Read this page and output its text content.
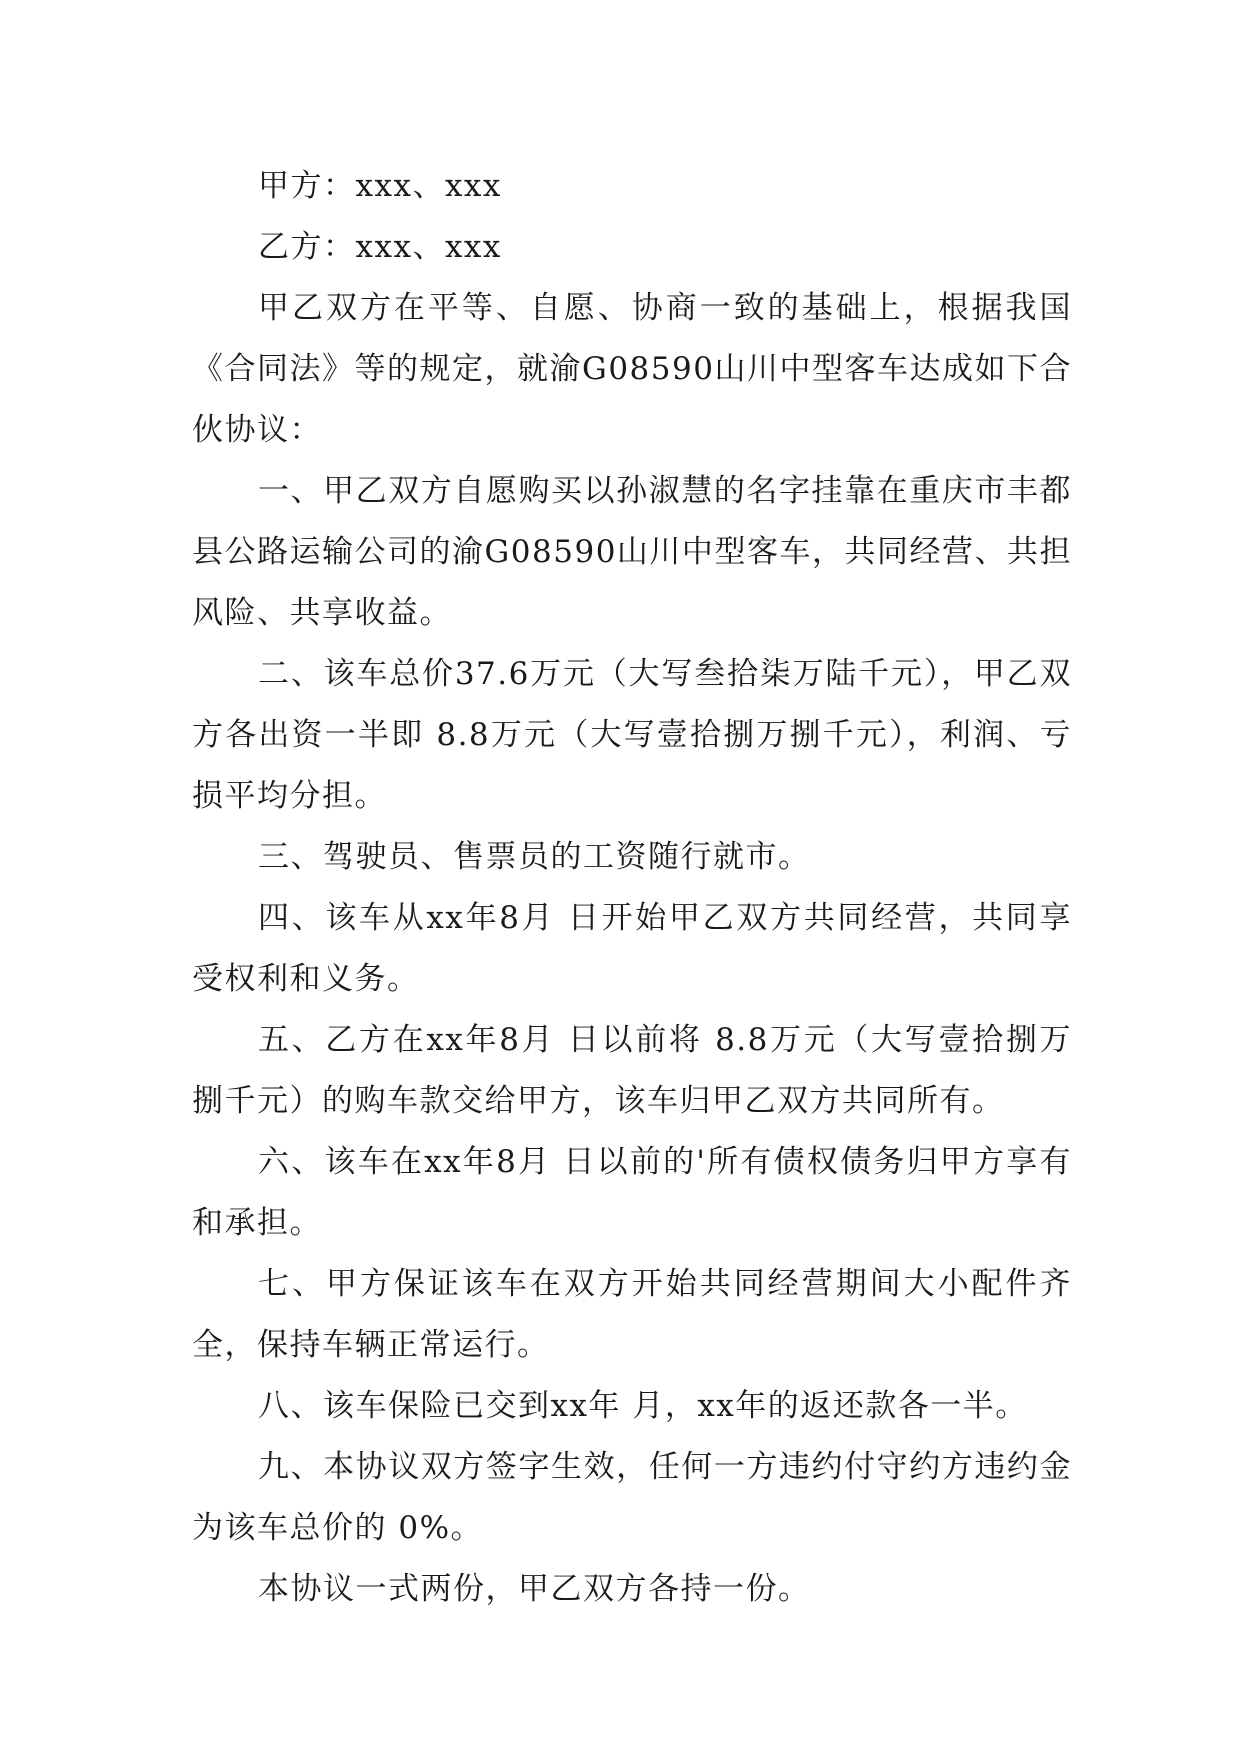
甲方：xxx、xxx

乙方：xxx、xxx

甲乙双方在平等、自愿、协商一致的基础上，根据我国《合同法》等的规定，就渝G08590山川中型客车达成如下合伙协议：

一、甲乙双方自愿购买以孙淑慧的名字挂靠在重庆市丰都县公路运输公司的渝G08590山川中型客车，共同经营、共担风险、共享收益。

二、该车总价37.6万元（大写叁拾柒万陆千元），甲乙双方各出资一半即 8.8万元（大写壹拾捌万捌千元），利润、亏损平均分担。

三、驾驶员、售票员的工资随行就市。

四、该车从xx年8月 日开始甲乙双方共同经营，共同享受权利和义务。

五、乙方在xx年8月 日以前将 8.8万元（大写壹拾捌万捌千元）的购车款交给甲方，该车归甲乙双方共同所有。

六、该车在xx年8月 日以前的'所有债权债务归甲方享有和承担。

七、甲方保证该车在双方开始共同经营期间大小配件齐全，保持车辆正常运行。

八、该车保险已交到xx年 月，xx年的返还款各一半。

九、本协议双方签字生效，任何一方违约付守约方违约金为该车总价的 0%。

本协议一式两份，甲乙双方各持一份。
